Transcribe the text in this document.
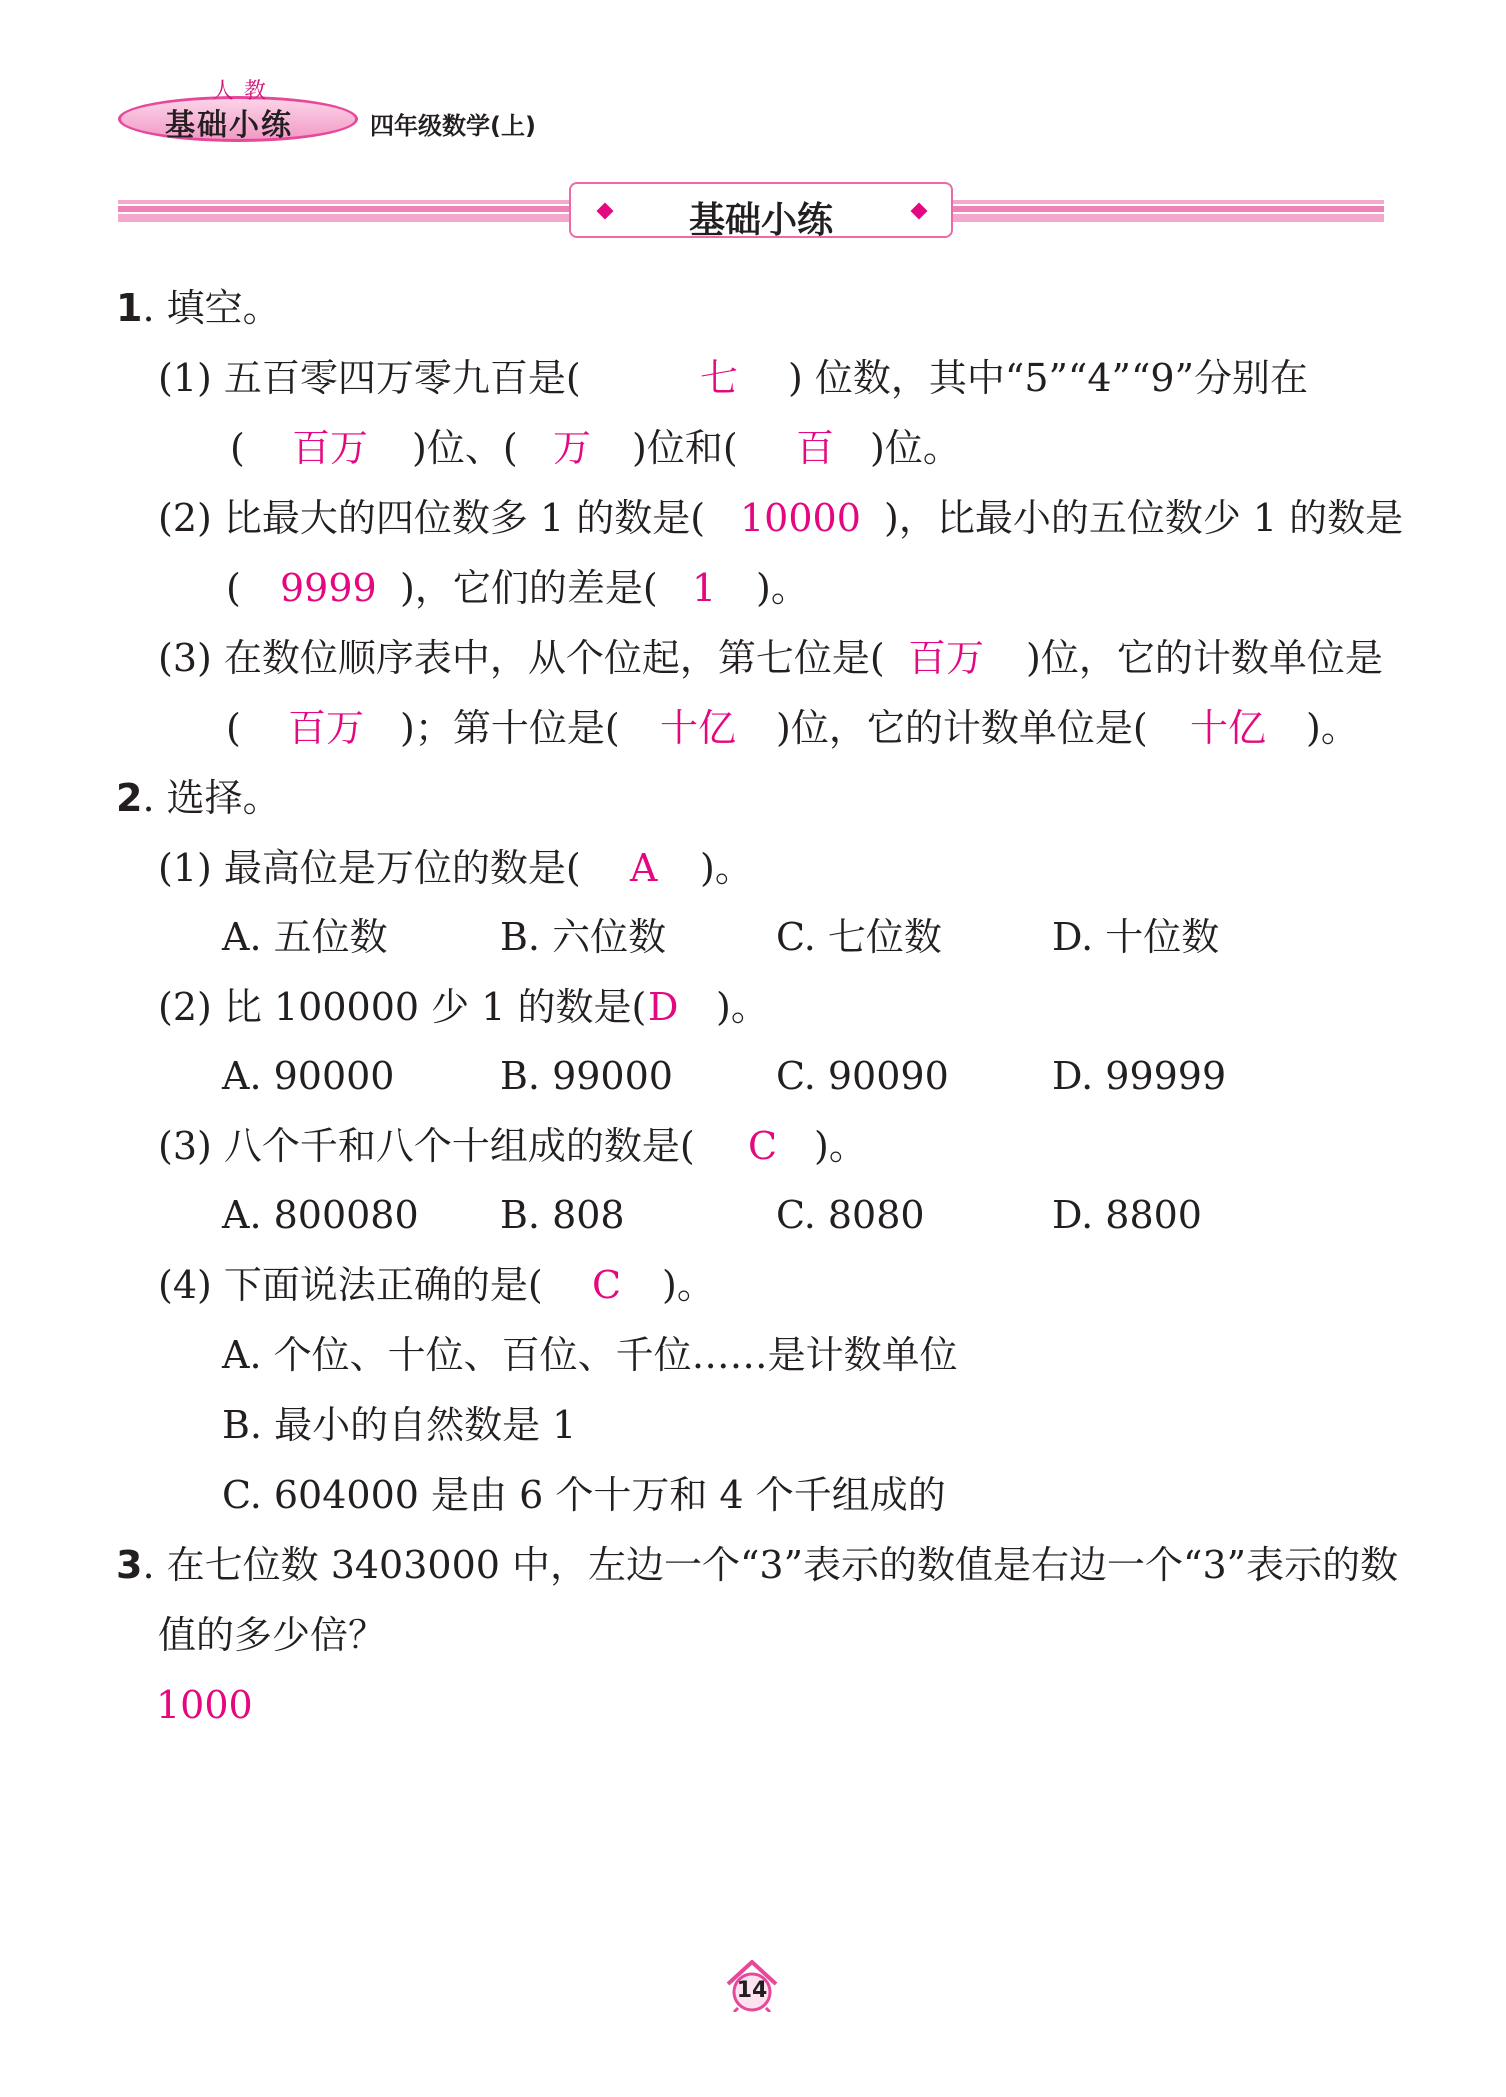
人教
基础小练	四年级数学(上)
基础小练
1. 填空。
(1) 五百零四万零九百是(	七 ) 位数，其中“5”“4”“9”分别在
( 百万 )位、( 万 )位和( 百 )位。
(2) 比最大的四位数多 1 的数是( 10000 )，比最小的五位数少 1 的数是
( 9999 )，它们的差是( 1 )。
(3) 在数位顺序表中，从个位起，第七位是( 百万 )位，它的计数单位是
( 百万 )；第十位是( 十亿 )位，它的计数单位是( 十亿 )。
2. 选择。
(1) 最高位是万位的数是( A )。
A. 五位数	B. 六位数	C. 七位数	D. 十位数
(2) 比 100000 少 1 的数是( D )。
A. 90000	B. 99000	C. 90090	D. 99999
(3) 八个千和八个十组成的数是( C )。
A. 800080 B. 808	C. 8080	D. 8800
(4) 下面说法正确的是( C )。
A. 个位、十位、百位、千位……是计数单位
B. 最小的自然数是 1
C. 604000 是由 6 个十万和 4 个千组成的
3. 在七位数 3403000 中，左边一个“3”表示的数值是右边一个“3”表示的数
值的多少倍？
1000
14
